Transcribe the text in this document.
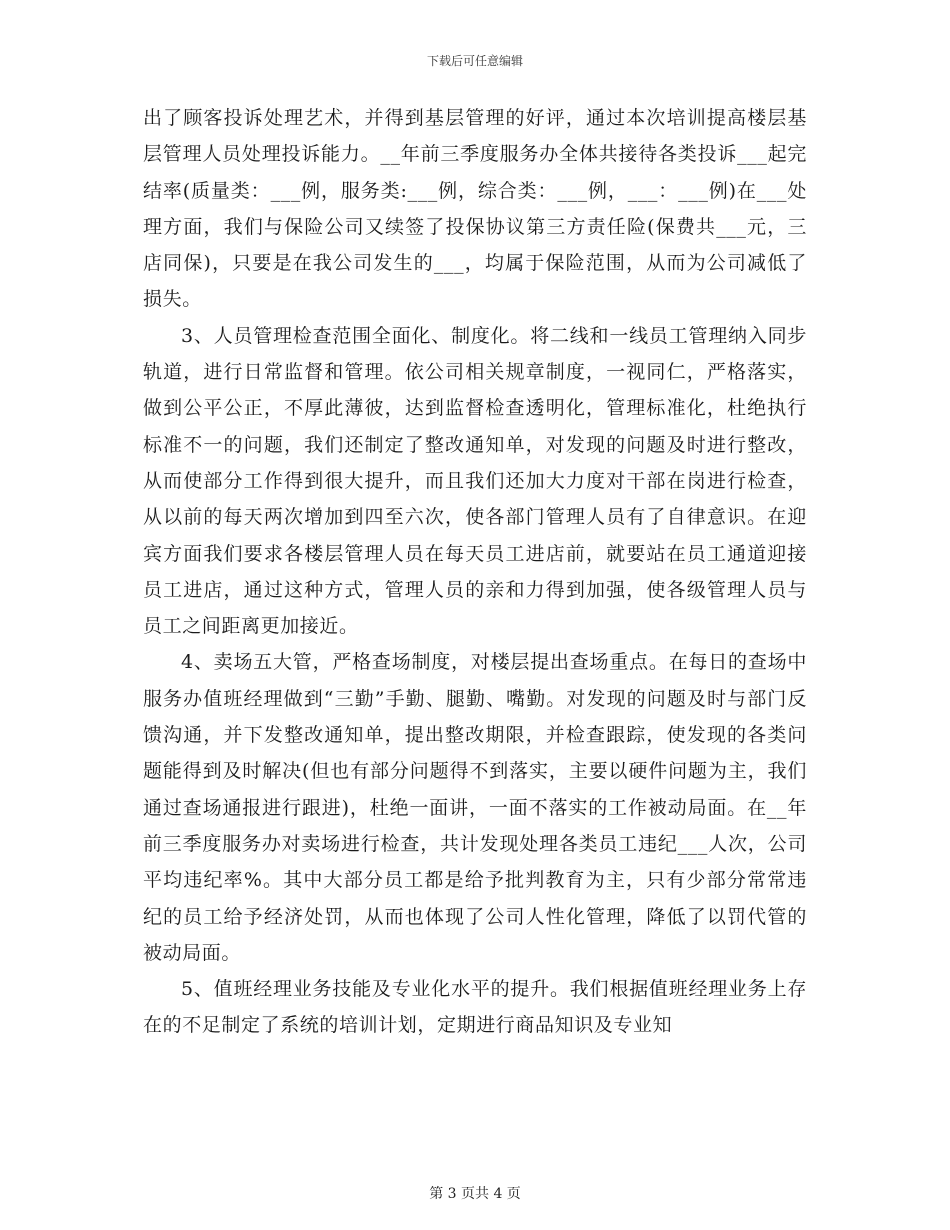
下载后可任意编辑

出了顾客投诉处理艺术，并得到基层管理的好评，通过本次培训提高楼层基层管理人员处理投诉能力。__年前三季度服务办全体共接待各类投诉___起完结率(质量类：___例，服务类:___例，综合类：___例，___：___例)在___处理方面，我们与保险公司又续签了投保协议第三方责任险(保费共___元，三店同保)，只要是在我公司发生的___，均属于保险范围，从而为公司减低了损失。

3、人员管理检查范围全面化、制度化。将二线和一线员工管理纳入同步轨道，进行日常监督和管理。依公司相关规章制度，一视同仁，严格落实，做到公平公正，不厚此薄彼，达到监督检查透明化，管理标准化，杜绝执行标准不一的问题，我们还制定了整改通知单，对发现的问题及时进行整改，从而使部分工作得到很大提升，而且我们还加大力度对干部在岗进行检查，从以前的每天两次增加到四至六次，使各部门管理人员有了自律意识。在迎宾方面我们要求各楼层管理人员在每天员工进店前，就要站在员工通道迎接员工进店，通过这种方式，管理人员的亲和力得到加强，使各级管理人员与员工之间距离更加接近。

4、卖场五大管，严格查场制度，对楼层提出查场重点。在每日的查场中服务办值班经理做到“三勤”手勤、腿勤、嘴勤。对发现的问题及时与部门反馈沟通，并下发整改通知单，提出整改期限，并检查跟踪，使发现的各类问题能得到及时解决(但也有部分问题得不到落实，主要以硬件问题为主，我们通过查场通报进行跟进)，杜绝一面讲，一面不落实的工作被动局面。在__年前三季度服务办对卖场进行检查，共计发现处理各类员工违纪___人次，公司平均违纪率%。其中大部分员工都是给予批判教育为主，只有少部分常常违纪的员工给予经济处罚，从而也体现了公司人性化管理，降低了以罚代管的被动局面。

5、值班经理业务技能及专业化水平的提升。我们根据值班经理业务上存在的不足制定了系统的培训计划，定期进行商品知识及专业知

第 3 页共 4 页
